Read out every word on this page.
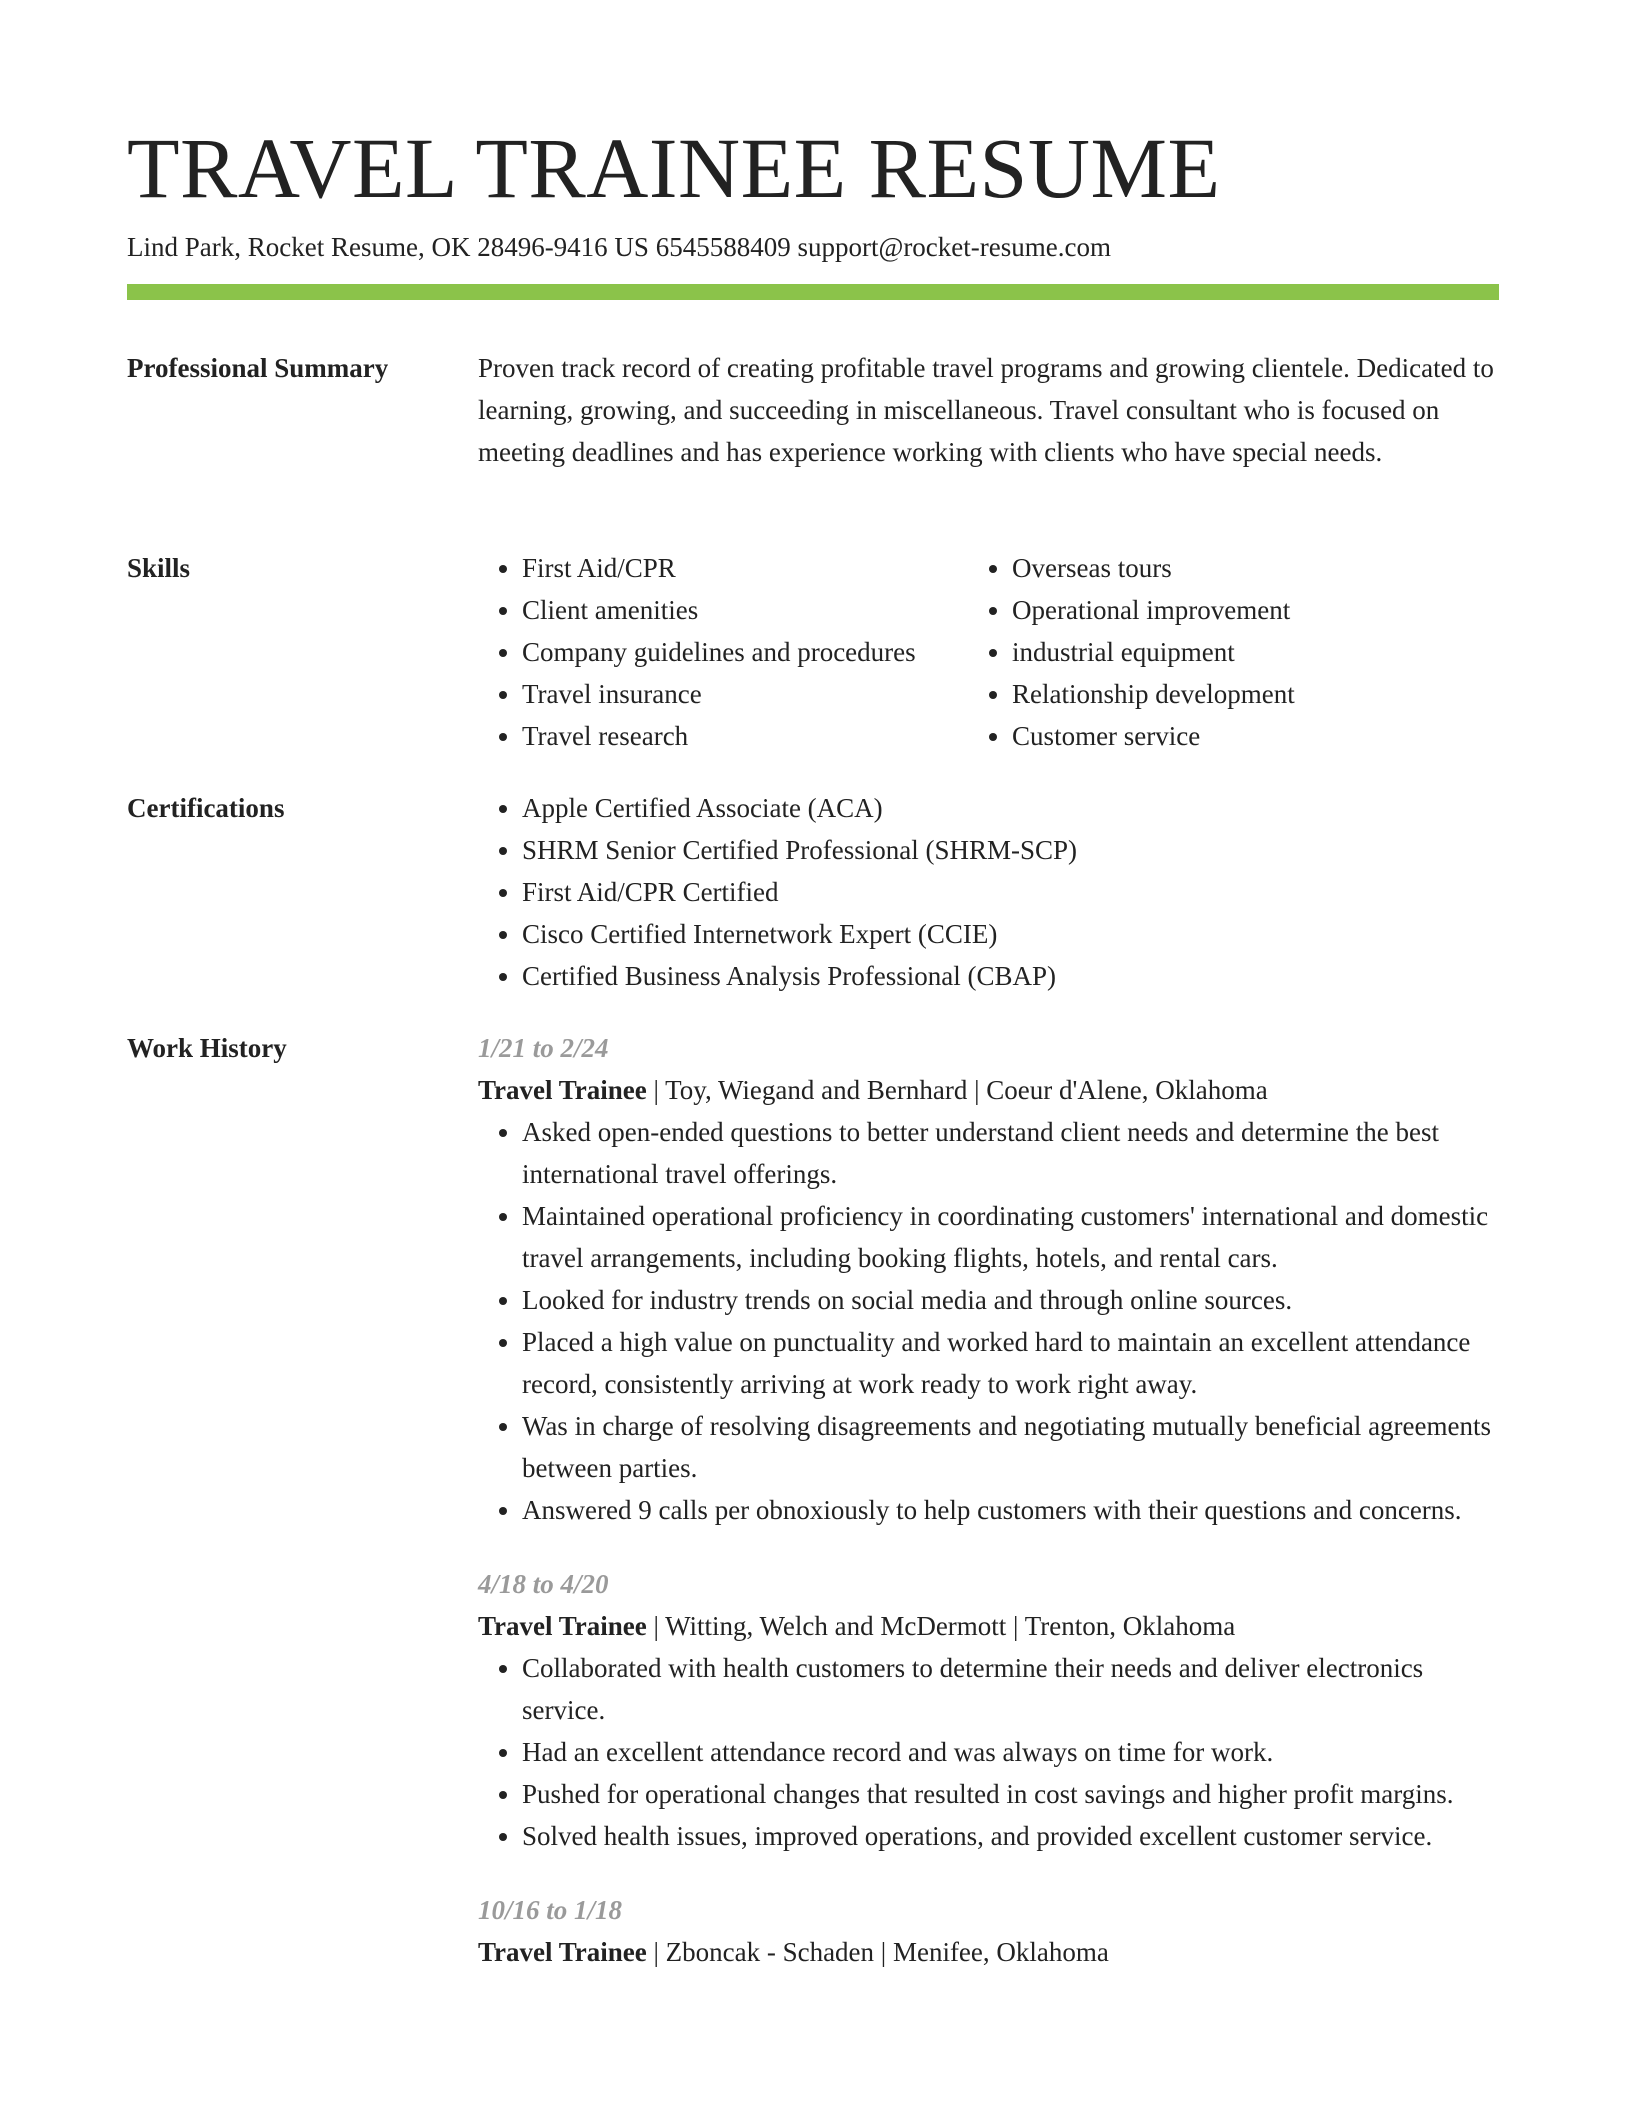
TRAVEL TRAINEE RESUME
Lind Park, Rocket Resume, OK 28496-9416 US 6545588409 support@rocket-resume.com
Professional Summary	Proven track record of creating profitable travel programs and growing clientele. Dedicated to learning, growing, and succeeding in miscellaneous. Travel consultant who is focused on meeting deadlines and has experience working with clients who have special needs.

Skills	• First Aid/CPR
• Client amenities
• Company guidelines and procedures
• Travel insurance
• Travel research
• Overseas tours
• Operational improvement
• industrial equipment
• Relationship development
• Customer service
Certifications	• Apple Certified Associate (ACA)
• SHRM Senior Certified Professional (SHRM-SCP)
• First Aid/CPR Certified
• Cisco Certified Internetwork Expert (CCIE)
• Certified Business Analysis Professional (CBAP)
Work History	1/21 to 2/24

Travel Trainee | Toy, Wiegand and Bernhard | Coeur d'Alene, Oklahoma

• Asked open-ended questions to better understand client needs and determine the best international travel offerings.
• Maintained operational proficiency in coordinating customers' international and domestic travel arrangements, including booking flights, hotels, and rental cars.
• Looked for industry trends on social media and through online sources.
• Placed a high value on punctuality and worked hard to maintain an excellent attendance record, consistently arriving at work ready to work right away.
• Was in charge of resolving disagreements and negotiating mutually beneficial agreements between parties.
• Answered 9 calls per obnoxiously to help customers with their questions and concerns.

4/18 to 4/20

Travel Trainee | Witting, Welch and McDermott | Trenton, Oklahoma

• Collaborated with health customers to determine their needs and deliver electronics service.
• Had an excellent attendance record and was always on time for work.
• Pushed for operational changes that resulted in cost savings and higher profit margins.
• Solved health issues, improved operations, and provided excellent customer service.

10/16 to 1/18

Travel Trainee | Zboncak - Schaden | Menifee, Oklahoma
